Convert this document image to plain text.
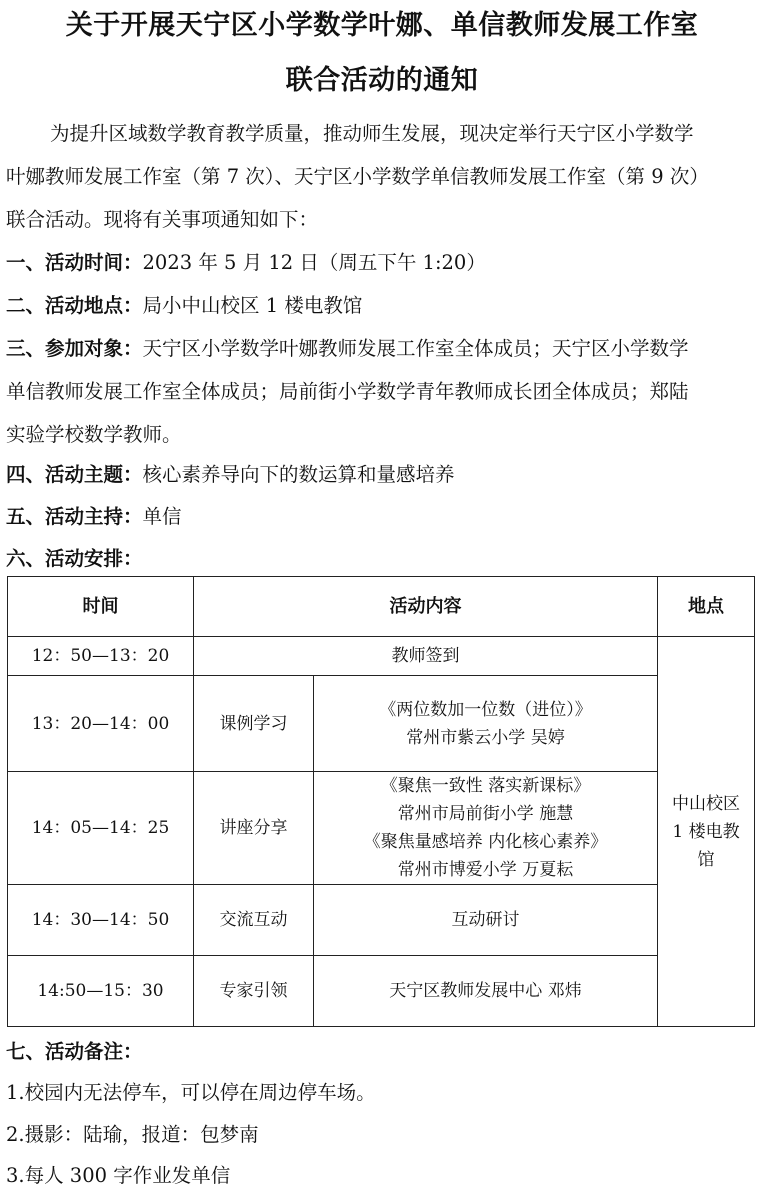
关于开展天宁区小学数学叶娜、单信教师发展工作室
联合活动的通知
为提升区域数学教育教学质量，推动师生发展，现决定举行天宁区小学数学
叶娜教师发展工作室（第 7 次）、天宁区小学数学单信教师发展工作室（第 9 次）
联合活动。现将有关事项通知如下：
一、活动时间：2023 年 5 月 12 日（周五下午 1:20）
二、活动地点：局小中山校区 1 楼电教馆
三、参加对象：天宁区小学数学叶娜教师发展工作室全体成员；天宁区小学数学
单信教师发展工作室全体成员；局前街小学数学青年教师成长团全体成员；郑陆
实验学校数学教师。
四、活动主题：核心素养导向下的数运算和量感培养
五、活动主持：单信
六、活动安排：
时间	活动内容		地点
12：50—13：20	教师签到		中山校区
1 楼电教
馆

13：20—14：00	课例学习	《两位数加一位数（进位）》
常州市紫云小学 吴婷	

14：05—14：25	讲座分享	《聚焦一致性 落实新课标》
常州市局前街小学 施慧
《聚焦量感培养 内化核心素养》
常州市博爱小学 万夏耘	

14：30—14：50	交流互动	互动研讨	
14:50—15：30	专家引领	天宁区教师发展中心 邓炜	
七、活动备注：
1.校园内无法停车，可以停在周边停车场。
2.摄影：陆瑜，报道：包梦南
3.每人 300 字作业发单信
